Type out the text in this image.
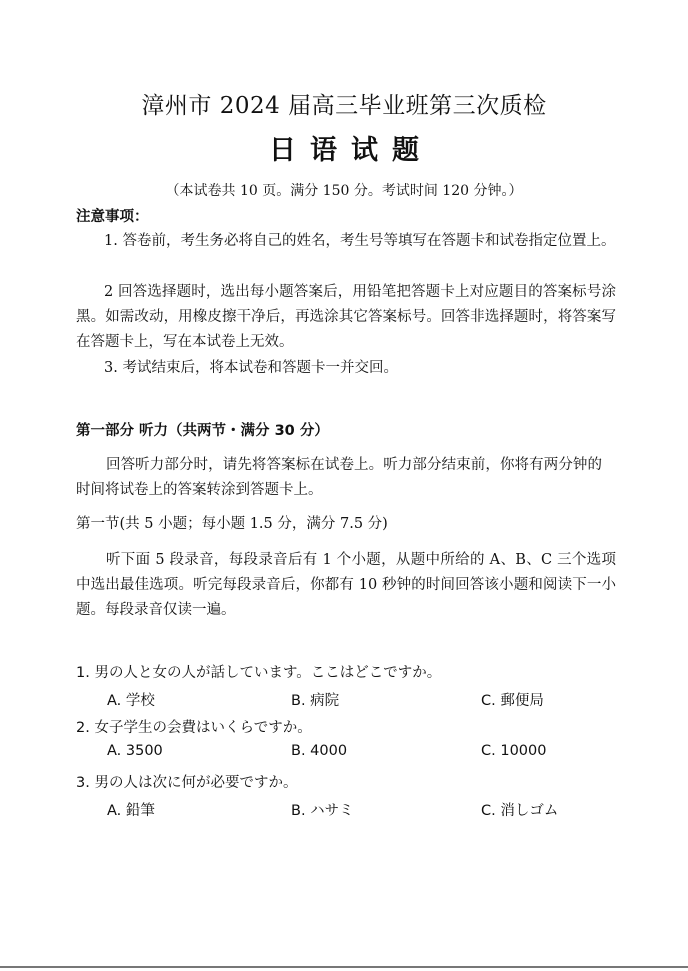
漳州市 2024 届高三毕业班第三次质检
日语试题
（本试卷共 10 页。满分 150 分。考试时间 120 分钟。）
注意事项：
1. 答卷前，考生务必将自己的姓名，考生号等填写在答题卡和试卷指定位置上。
2 回答选择题时，选出每小题答案后，用铅笔把答题卡上对应题目的答案标号涂黑。如需改动，用橡皮擦干净后，再选涂其它答案标号。回答非选择题时，将答案写在答题卡上，写在本试卷上无效。
3. 考试结束后，将本试卷和答题卡一并交回。
第一部分 听力（共两节・满分 30 分）
回答听力部分时，请先将答案标在试卷上。听力部分结束前，你将有两分钟的时间将试卷上的答案转涂到答题卡上。
第一节(共 5 小题；每小题 1.5 分，满分 7.5 分)
听下面 5 段录音，每段录音后有 1 个小题，从题中所给的 A、B、C 三个选项中选出最佳选项。听完每段录音后，你都有 10 秒钟的时间回答该小题和阅读下一小题。每段录音仅读一遍。
1. 男の人と女の人が話しています。ここはどこですか。
A. 学校	B. 病院	C. 郵便局
2. 女子学生の会費はいくらですか。
A. 3500	B. 4000	C. 10000
3. 男の人は次に何が必要ですか。
A. 鉛筆	B. ハサミ	C. 消しゴム
